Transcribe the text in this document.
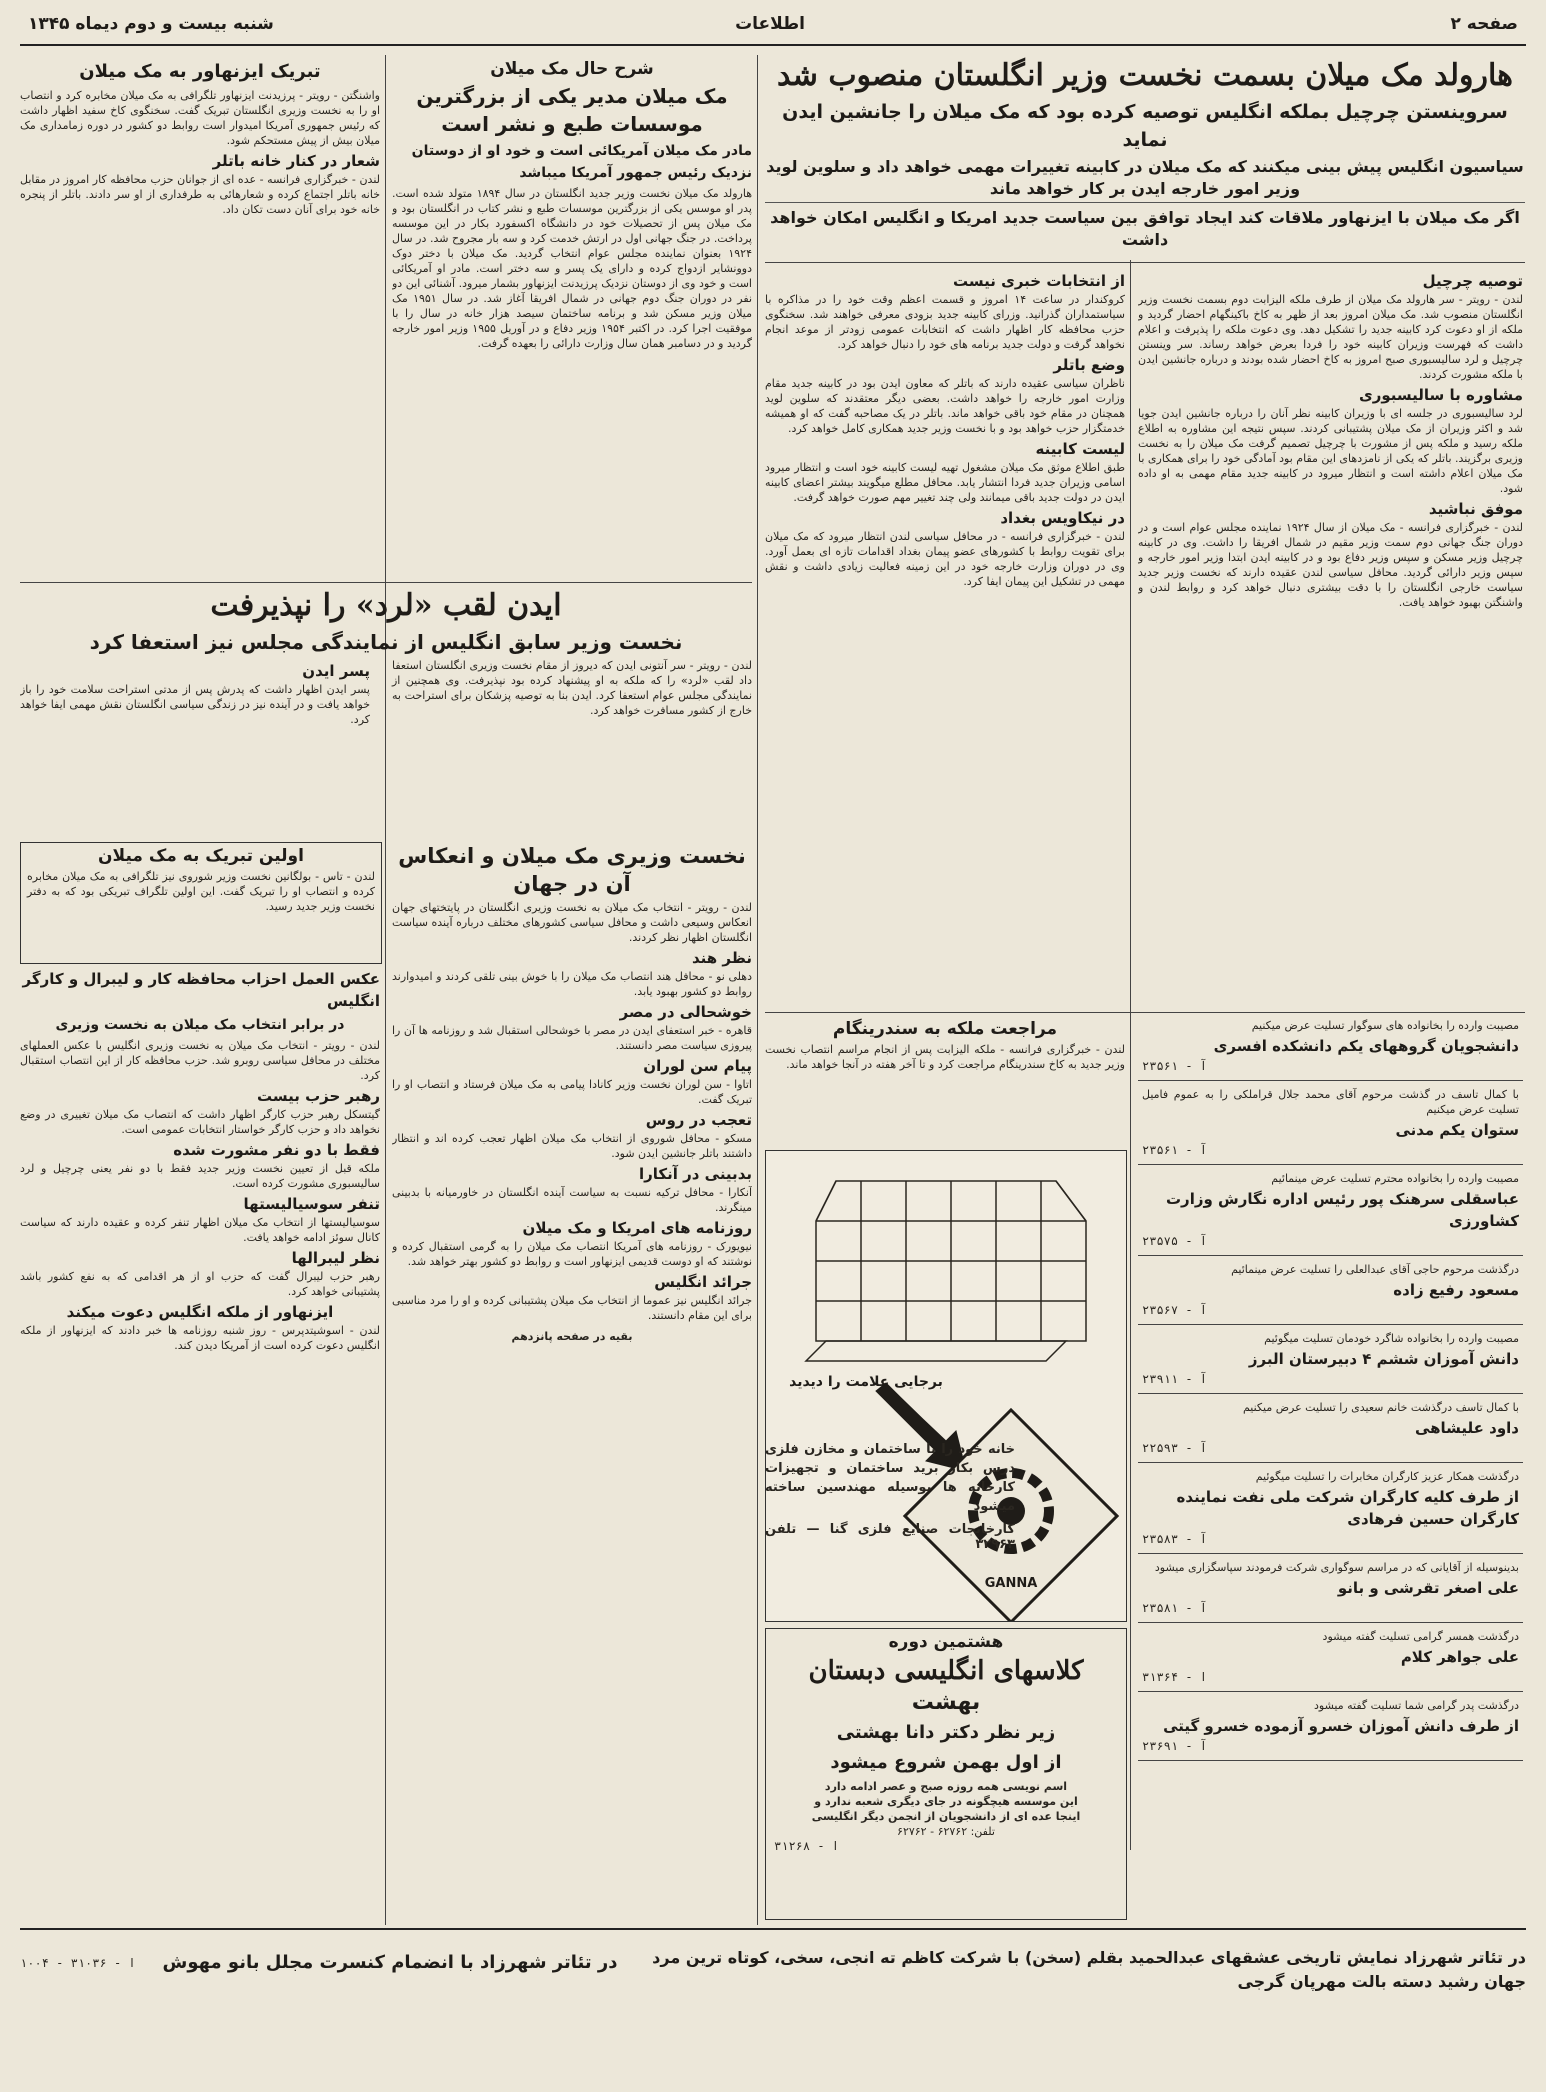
صفحه ۲
اطلاعات
شنبه بیست و دوم دیماه ۱۳۴۵

هارولد مک میلان بسمت نخست وزیر انگلستان منصوب شد

سروینستن چرچیل بملکه انگلیس توصیه کرده بود که مک میلان را جانشین ایدن نماید

سیاسیون انگلیس پیش بینی میکنند که مک میلان در کابینه تغییرات مهمی خواهد داد و سلوین لوید وزیر امور خارجه ایدن بر کار خواهد ماند

اگر مک میلان با ایزنهاور ملاقات کند ایجاد توافق بین سیاست جدید امریکا و انگلیس امکان خواهد داشت

توصیه چرچیل

لندن - رویتر - سر هارولد مک میلان از طرف ملکه الیزابت دوم بسمت نخست وزیر انگلستان منصوب شد. مک میلان امروز بعد از ظهر به کاخ باکینگهام احضار گردید و ملکه از او دعوت کرد کابینه جدید را تشکیل دهد. وی دعوت ملکه را پذیرفت و اعلام داشت که فهرست وزیران کابینه خود را فردا بعرض خواهد رساند. سر وینستن چرچیل و لرد سالیسبوری صبح امروز به کاخ احضار شده بودند و درباره جانشین ایدن با ملکه مشورت کردند.

مشاوره با سالیسبوری

لرد سالیسبوری در جلسه ای با وزیران کابینه نظر آنان را درباره جانشین ایدن جویا شد و اکثر وزیران از مک میلان پشتیبانی کردند. سپس نتیجه این مشاوره به اطلاع ملکه رسید و ملکه پس از مشورت با چرچیل تصمیم گرفت مک میلان را به نخست وزیری برگزیند. باتلر که یکی از نامزدهای این مقام بود آمادگی خود را برای همکاری با مک میلان اعلام داشته است و انتظار میرود در کابینه جدید مقام مهمی به او داده شود.

موفق نباشید

لندن - خبرگزاری فرانسه - مک میلان از سال ۱۹۲۴ نماینده مجلس عوام است و در دوران جنگ جهانی دوم سمت وزیر مقیم در شمال افریقا را داشت. وی در کابینه چرچیل وزیر مسکن و سپس وزیر دفاع بود و در کابینه ایدن ابتدا وزیر امور خارجه و سپس وزیر دارائی گردید. محافل سیاسی لندن عقیده دارند که نخست وزیر جدید سیاست خارجی انگلستان را با دقت بیشتری دنبال خواهد کرد و روابط لندن و واشنگتن بهبود خواهد یافت.

از انتخابات خبری نیست

کروکندار در ساعت ۱۴ امروز و قسمت اعظم وقت خود را در مذاکره با سیاستمداران گذرانید. وزرای کابینه جدید بزودی معرفی خواهند شد. سخنگوی حزب محافظه کار اظهار داشت که انتخابات عمومی زودتر از موعد انجام نخواهد گرفت و دولت جدید برنامه های خود را دنبال خواهد کرد.

وضع باتلر

ناظران سیاسی عقیده دارند که باتلر که معاون ایدن بود در کابینه جدید مقام وزارت امور خارجه را خواهد داشت. بعضی دیگر معتقدند که سلوین لوید همچنان در مقام خود باقی خواهد ماند. باتلر در یک مصاحبه گفت که او همیشه خدمتگزار حزب خواهد بود و با نخست وزیر جدید همکاری کامل خواهد کرد.

لیست کابینه

طبق اطلاع موثق مک میلان مشغول تهیه لیست کابینه خود است و انتظار میرود اسامی وزیران جدید فردا انتشار یابد. محافل مطلع میگویند بیشتر اعضای کابینه ایدن در دولت جدید باقی میمانند ولی چند تغییر مهم صورت خواهد گرفت.

در نیکاویس بغداد

لندن - خبرگزاری فرانسه - در محافل سیاسی لندن انتظار میرود که مک میلان برای تقویت روابط با کشورهای عضو پیمان بغداد اقدامات تازه ای بعمل آورد. وی در دوران وزارت خارجه خود در این زمینه فعالیت زیادی داشت و نقش مهمی در تشکیل این پیمان ایفا کرد.

شرح حال مک میلان

مک میلان مدیر یکی از بزرگترین موسسات طبع و نشر است

مادر مک میلان آمریکائی است و خود او از دوستان نزدیک رئیس جمهور آمریکا میباشد

هارولد مک میلان نخست وزیر جدید انگلستان در سال ۱۸۹۴ متولد شده است. پدر او موسس یکی از بزرگترین موسسات طبع و نشر کتاب در انگلستان بود و مک میلان پس از تحصیلات خود در دانشگاه اکسفورد بکار در این موسسه پرداخت. در جنگ جهانی اول در ارتش خدمت کرد و سه بار مجروح شد. در سال ۱۹۲۴ بعنوان نماینده مجلس عوام انتخاب گردید. مک میلان با دختر دوک دوونشایر ازدواج کرده و دارای یک پسر و سه دختر است. مادر او آمریکائی است و خود وی از دوستان نزدیک پرزیدنت ایزنهاور بشمار میرود. آشنائی این دو نفر در دوران جنگ دوم جهانی در شمال افریقا آغاز شد. در سال ۱۹۵۱ مک میلان وزیر مسکن شد و برنامه ساختمان سیصد هزار خانه در سال را با موفقیت اجرا کرد. در اکتبر ۱۹۵۴ وزیر دفاع و در آوریل ۱۹۵۵ وزیر امور خارجه گردید و در دسامبر همان سال وزارت دارائی را بعهده گرفت.

ایدن لقب «لرد» را نپذیرفت

نخست وزیر سابق انگلیس از نمایندگی مجلس نیز استعفا کرد

لندن - رویتر - سر آنتونی ایدن که دیروز از مقام نخست وزیری انگلستان استعفا داد لقب «لرد» را که ملکه به او پیشنهاد کرده بود نپذیرفت. وی همچنین از نمایندگی مجلس عوام استعفا کرد. ایدن بنا به توصیه پزشکان برای استراحت به خارج از کشور مسافرت خواهد کرد.

پسر ایدن

پسر ایدن اظهار داشت که پدرش پس از مدتی استراحت سلامت خود را باز خواهد یافت و در آینده نیز در زندگی سیاسی انگلستان نقش مهمی ایفا خواهد کرد.

تبریک ایزنهاور به مک میلان

واشنگتن - رویتر - پرزیدنت ایزنهاور تلگرافی به مک میلان مخابره کرد و انتصاب او را به نخست وزیری انگلستان تبریک گفت. سخنگوی کاخ سفید اظهار داشت که رئیس جمهوری آمریکا امیدوار است روابط دو کشور در دوره زمامداری مک میلان بیش از پیش مستحکم شود.

شعار در کنار خانه باتلر

لندن - خبرگزاری فرانسه - عده ای از جوانان حزب محافظه کار امروز در مقابل خانه باتلر اجتماع کرده و شعارهائی به طرفداری از او سر دادند. باتلر از پنجره خانه خود برای آنان دست تکان داد.

اولین تبریک به مک میلان

لندن - تاس - بولگانین نخست وزیر شوروی نیز تلگرافی به مک میلان مخابره کرده و انتصاب او را تبریک گفت. این اولین تلگراف تبریکی بود که به دفتر نخست وزیر جدید رسید.

عکس العمل احزاب محافظه کار و لیبرال و کارگر انگلیس

در برابر انتخاب مک میلان به نخست وزیری

لندن - رویتر - انتخاب مک میلان به نخست وزیری انگلیس با عکس العملهای مختلف در محافل سیاسی روبرو شد. حزب محافظه کار از این انتصاب استقبال کرد.

رهبر حزب بیست

گیتسکل رهبر حزب کارگر اظهار داشت که انتصاب مک میلان تغییری در وضع نخواهد داد و حزب کارگر خواستار انتخابات عمومی است.

فقط با دو نفر مشورت شده

ملکه قبل از تعیین نخست وزیر جدید فقط با دو نفر یعنی چرچیل و لرد سالیسبوری مشورت کرده است.

تنفر سوسیالیستها

سوسیالیستها از انتخاب مک میلان اظهار تنفر کرده و عقیده دارند که سیاست کانال سوئز ادامه خواهد یافت.

نظر لیبرالها

رهبر حزب لیبرال گفت که حزب او از هر اقدامی که به نفع کشور باشد پشتیبانی خواهد کرد.

ایزنهاور از ملکه انگلیس دعوت میکند

لندن - اسوشیتدپرس - روز شنبه روزنامه ها خبر دادند که ایزنهاور از ملکه انگلیس دعوت کرده است از آمریکا دیدن کند.

نخست وزیری مک میلان و انعکاس آن در جهان

لندن - رویتر - انتخاب مک میلان به نخست وزیری انگلستان در پایتختهای جهان انعکاس وسیعی داشت و محافل سیاسی کشورهای مختلف درباره آینده سیاست انگلستان اظهار نظر کردند.

نظر هند

دهلی نو - محافل هند انتصاب مک میلان را با خوش بینی تلقی کردند و امیدوارند روابط دو کشور بهبود یابد.

خوشحالی در مصر

قاهره - خبر استعفای ایدن در مصر با خوشحالی استقبال شد و روزنامه ها آن را پیروزی سیاست مصر دانستند.

پیام سن لوران

اتاوا - سن لوران نخست وزیر کانادا پیامی به مک میلان فرستاد و انتصاب او را تبریک گفت.

تعجب در روس

مسکو - محافل شوروی از انتخاب مک میلان اظهار تعجب کرده اند و انتظار داشتند باتلر جانشین ایدن شود.

بدبینی در آنکارا

آنکارا - محافل ترکیه نسبت به سیاست آینده انگلستان در خاورمیانه با بدبینی مینگرند.

روزنامه های امریکا و مک میلان

نیویورک - روزنامه های آمریکا انتصاب مک میلان را به گرمی استقبال کرده و نوشتند که او دوست قدیمی ایزنهاور است و روابط دو کشور بهتر خواهد شد.

جرائد انگلیس

جرائد انگلیس نیز عموما از انتخاب مک میلان پشتیبانی کرده و او را مرد مناسبی برای این مقام دانستند.

بقیه در صفحه پانزدهم

مراجعت ملکه به سندرینگام

لندن - خبرگزاری فرانسه - ملکه الیزابت پس از انجام مراسم انتصاب نخست وزیر جدید به کاخ سندرینگام مراجعت کرد و تا آخر هفته در آنجا خواهد ماند.

برجایی علامت را دیدید

GANNA

خانه خود را با ساختمان و مخازن فلزی درس بکار برید ساختمان و تجهیزات کارخانه ها بوسیله مهندسین ساخته میشود

کارخانجات صنایع فلزی گنا — تلفن ۳۲۹۶۳

هشتمین دوره

کلاسهای انگلیسی دبستان

بهشت

زیر نظر دکتر دانا بهشتی

از اول بهمن شروع میشود

اسم نویسی همه روزه صبح و عصر ادامه دارد

این موسسه هیچگونه در جای دیگری شعبه ندارد و

اینجا عده ای از دانشجویان از انجمن دیگر انگلیسی

تلفن: ۶۲۷۶۲ - ۶۲۷۶۲

ا - ۳۱۲۶۸

مصیبت وارده را بخانواده های سوگوار تسلیت عرض میکنیم

دانشجویان گروههای یکم دانشکده افسری

آ - ۲۳۵۶۱

با کمال تاسف در گذشت مرحوم آقای محمد جلال قراملکی را به عموم فامیل تسلیت عرض میکنیم

ستوان یکم مدنی

آ - ۲۳۵۶۱

مصیبت وارده را بخانواده محترم تسلیت عرض مینمائیم

عباسقلی سرهنک پور رئیس اداره نگارش وزارت کشاورزی

آ - ۲۳۵۷۵

درگذشت مرحوم حاجی آقای عبدالعلی را تسلیت عرض مینمائیم

مسعود رفیع زاده

آ - ۲۳۵۶۷

مصیبت وارده را بخانواده شاگرد خودمان تسلیت میگوئیم

دانش آموزان ششم ۴ دبیرستان البرز

آ - ۲۳۹۱۱

با کمال تاسف درگذشت خانم سعیدی را تسلیت عرض میکنیم

داود علیشاهی

آ - ۲۲۵۹۳

درگذشت همکار عزیز کارگران مخابرات را تسلیت میگوئیم

از طرف کلیه کارگران شرکت ملی نفت نماینده کارگران حسین فرهادی

آ - ۲۳۵۸۳

بدینوسیله از آقایانی که در مراسم سوگواری شرکت فرمودند سپاسگزاری میشود

علی اصغر تقرشی و بانو

آ - ۲۳۵۸۱

درگذشت همسر گرامی تسلیت گفته میشود

علی جواهر کلام

ا - ۳۱۳۶۴

درگذشت پدر گرامی شما تسلیت گفته میشود

از طرف دانش آموزان خسرو آزموده خسرو گیتی

آ - ۲۳۶۹۱

در تئاتر شهرزاد نمایش تاریخی عشقهای عبدالحمید بقلم (سخن) با شرکت کاظم ته انجی، سخی، کوتاه ترین مرد جهان رشید دسته بالت مهرپان گرجی

در تئاتر شهرزاد با انضمام کنسرت مجلل بانو مهوش

ا - ۳۱۰۳۶ - ۱۰۰۴
